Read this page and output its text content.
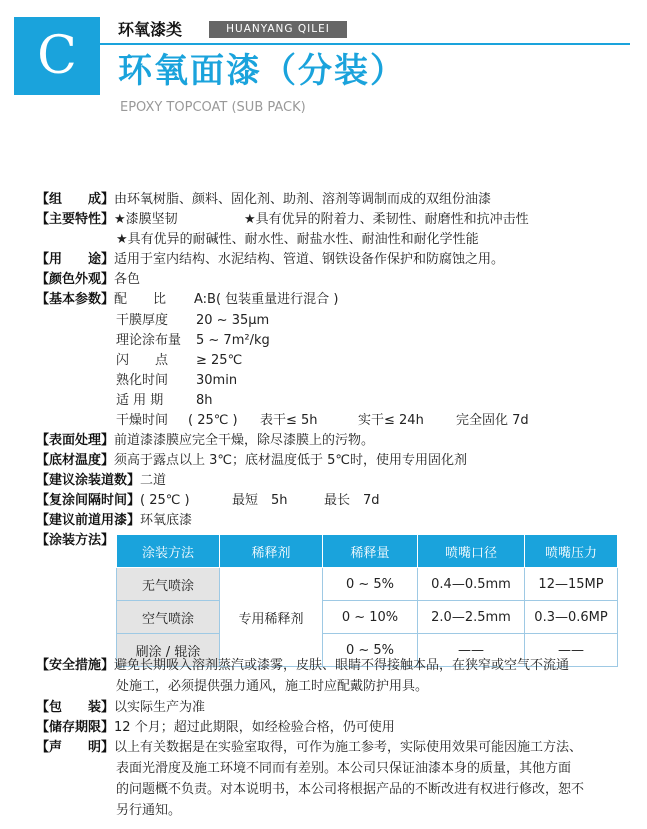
C	环氧漆类	HUANYANG QILEI
环氧面漆（分装）
EPOXY TOPCOAT (SUB PACK)
【组　　成】由环氧树脂、颜料、固化剂、助剂、溶剂等调制而成的双组份油漆
【主要特性】★漆膜坚韧	★具有优异的附着力、柔韧性、耐磨性和抗冲击性
★具有优异的耐碱性、耐水性、耐盐水性、耐油性和耐化学性能
【用　　途】适用于室内结构、水泥结构、管道、钢铁设备作保护和防腐蚀之用。
【颜色外观】各色
【基本参数】配　　比 A:B( 包装重量进行混合 )
干膜厚度 20 ~ 35μm
理论涂布量 5 ~ 7m²/kg
闪　　点 ≥ 25℃
熟化时间 30min
适 用 期	8h
干燥时间 ( 25℃ ) 表干≤ 5h	实干≤ 24h 完全固化 7d
【表面处理】前道漆漆膜应完全干燥，除尽漆膜上的污物。
【底材温度】须高于露点以上 3℃；底材温度低于 5℃时，使用专用固化剂
【建议涂装道数】二道
【复涂间隔时间】( 25℃ )	最短　5h	最长　7d
【建议前道用漆】环氧底漆
【涂装方法】
涂装方法	稀释剂	稀释量	喷嘴口径	喷嘴压力
无气喷涂	专用稀释剂	0 ~ 5%	0.4—0.5mm	12—15MP
空气喷涂		0 ~ 10%	2.0—2.5mm	0.3—0.6MP
刷涂 / 辊涂		0 ~ 5%	——	——
【安全措施】避免长期吸入溶剂蒸汽或漆雾，皮肤、眼睛不得接触本品，在狭窄或空气不流通
处施工，必须提供强力通风，施工时应配戴防护用具。
【包　　装】以实际生产为准
【储存期限】12 个月；超过此期限，如经检验合格，仍可使用
【声　　明】以上有关数据是在实验室取得，可作为施工参考，实际使用效果可能因施工方法、
表面光滑度及施工环境不同而有差别。本公司只保证油漆本身的质量，其他方面
的问题概不负责。对本说明书，本公司将根据产品的不断改进有权进行修改，恕不
另行通知。
